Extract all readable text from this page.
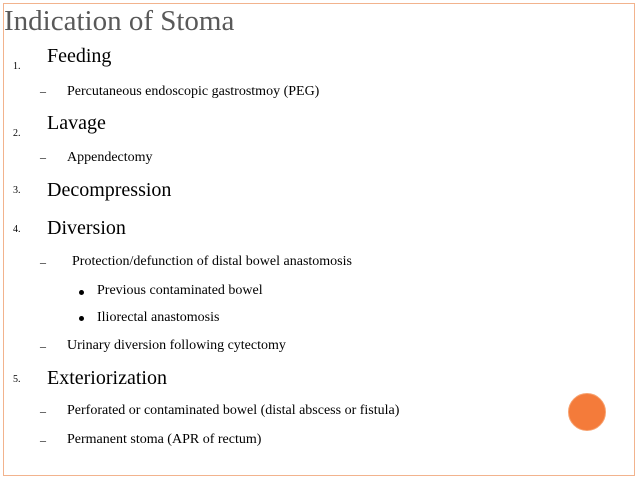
Indication of Stoma
1. Feeding
– Percutaneous endoscopic gastrostmoy (PEG)
2. Lavage
– Appendectomy
3. Decompression
4. Diversion
– Protection/defunction of distal bowel anastomosis
Previous contaminated bowel
Iliorectal anastomosis
– Urinary diversion following cytectomy
5. Exteriorization
– Perforated or contaminated bowel (distal abscess or fistula)
– Permanent stoma (APR of rectum)
